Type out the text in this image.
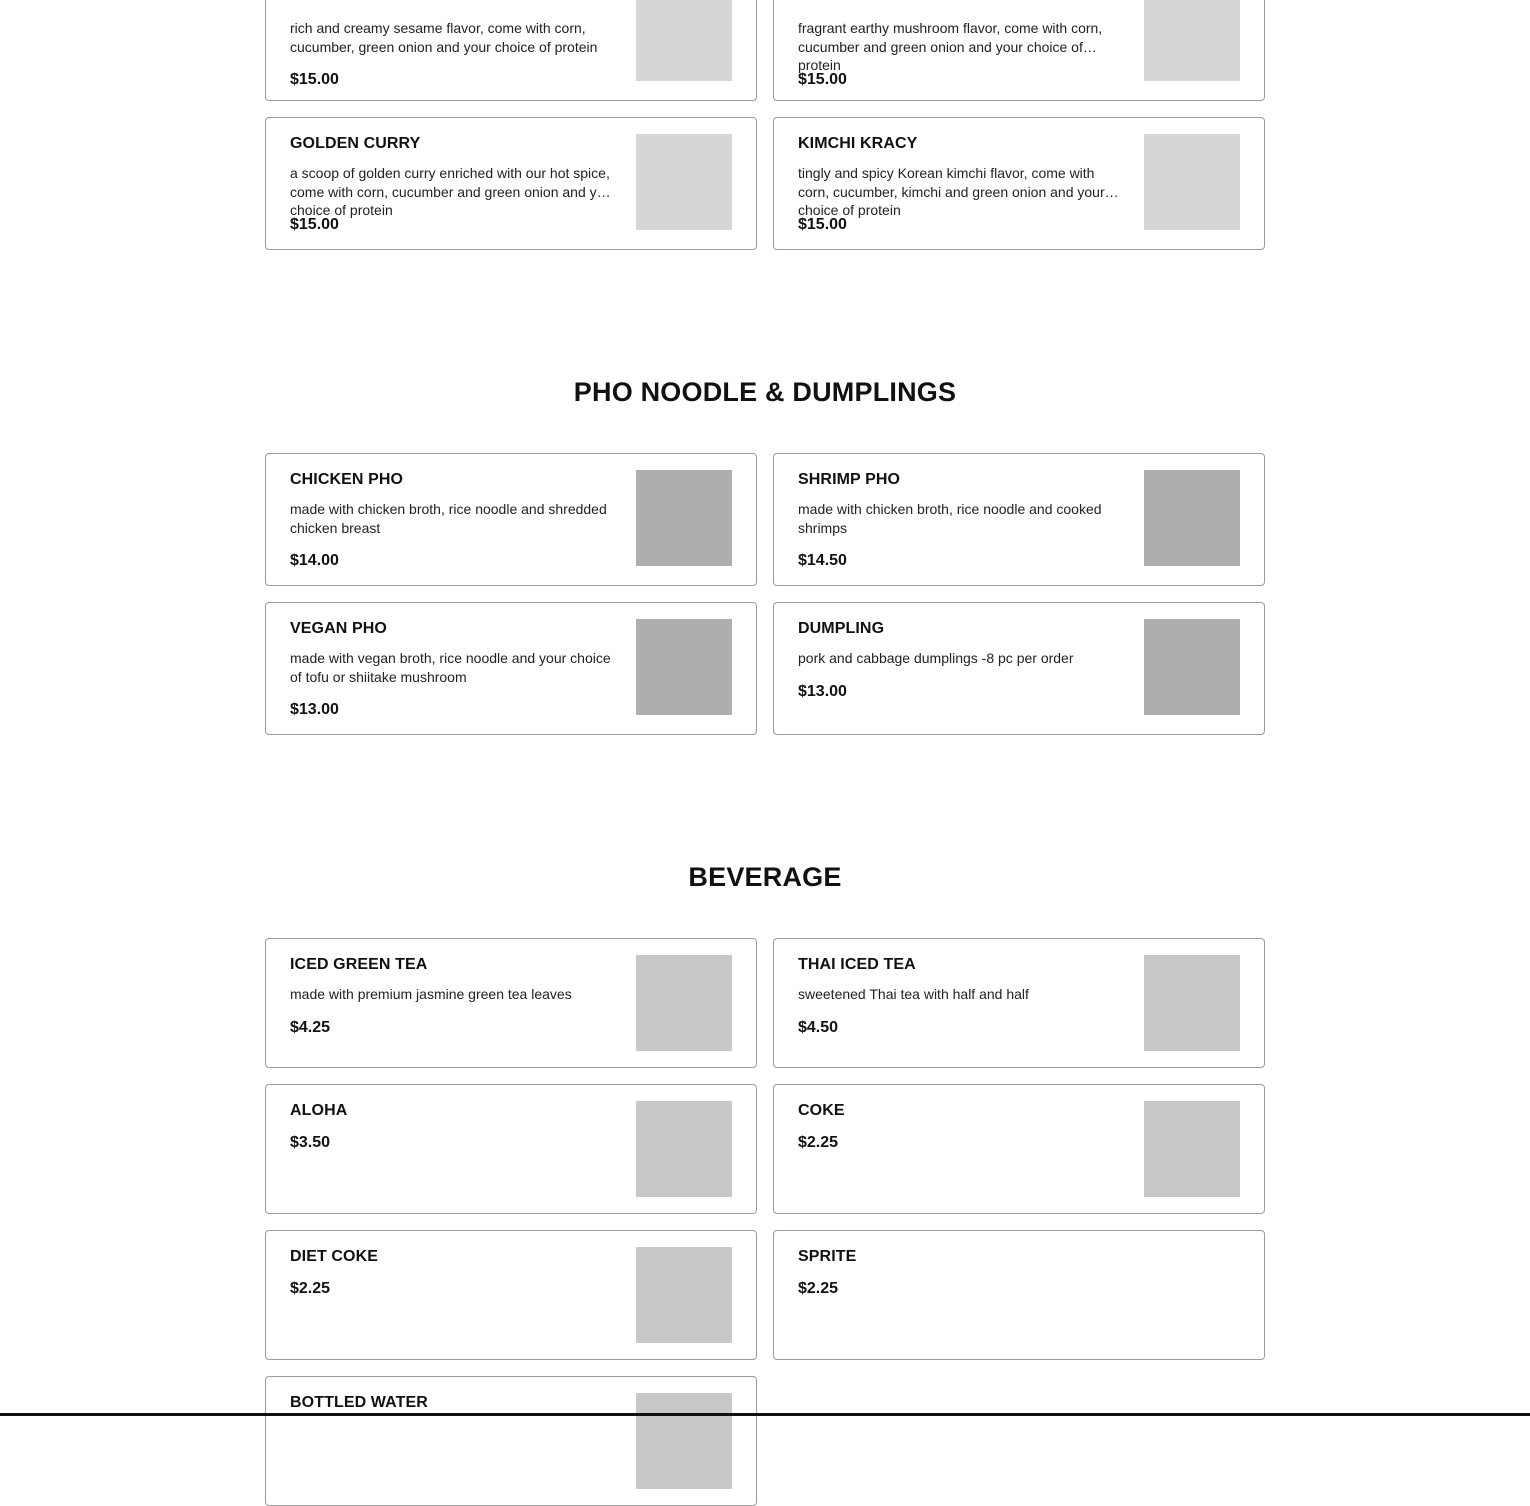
rich and creamy sesame flavor, come with corn, cucumber, green onion and your choice of protein

$15.00

fragrant earthy mushroom flavor, come with corn, cucumber and green onion and your choice of protein

$15.00
GOLDEN CURRY

a scoop of golden curry enriched with our hot spice, come with corn, cucumber and green onion and your choice of protein

$15.00
KIMCHI KRACY

tingly and spicy Korean kimchi flavor, come with corn, cucumber, kimchi and green onion and your choice of protein

$15.00
PHO NOODLE & DUMPLINGS
CHICKEN PHO

made with chicken broth, rice noodle and shredded chicken breast

$14.00
SHRIMP PHO

made with chicken broth, rice noodle and cooked shrimps

$14.50
VEGAN PHO

made with vegan broth, rice noodle and your choice of tofu or shiitake mushroom

$13.00
DUMPLING

pork and cabbage dumplings -8 pc per order

$13.00
BEVERAGE
ICED GREEN TEA

made with premium jasmine green tea leaves

$4.25
THAI ICED TEA

sweetened Thai tea with half and half

$4.50
ALOHA
$3.50
COKE
$2.25
DIET COKE
$2.25
SPRITE
$2.25
BOTTLED WATER
